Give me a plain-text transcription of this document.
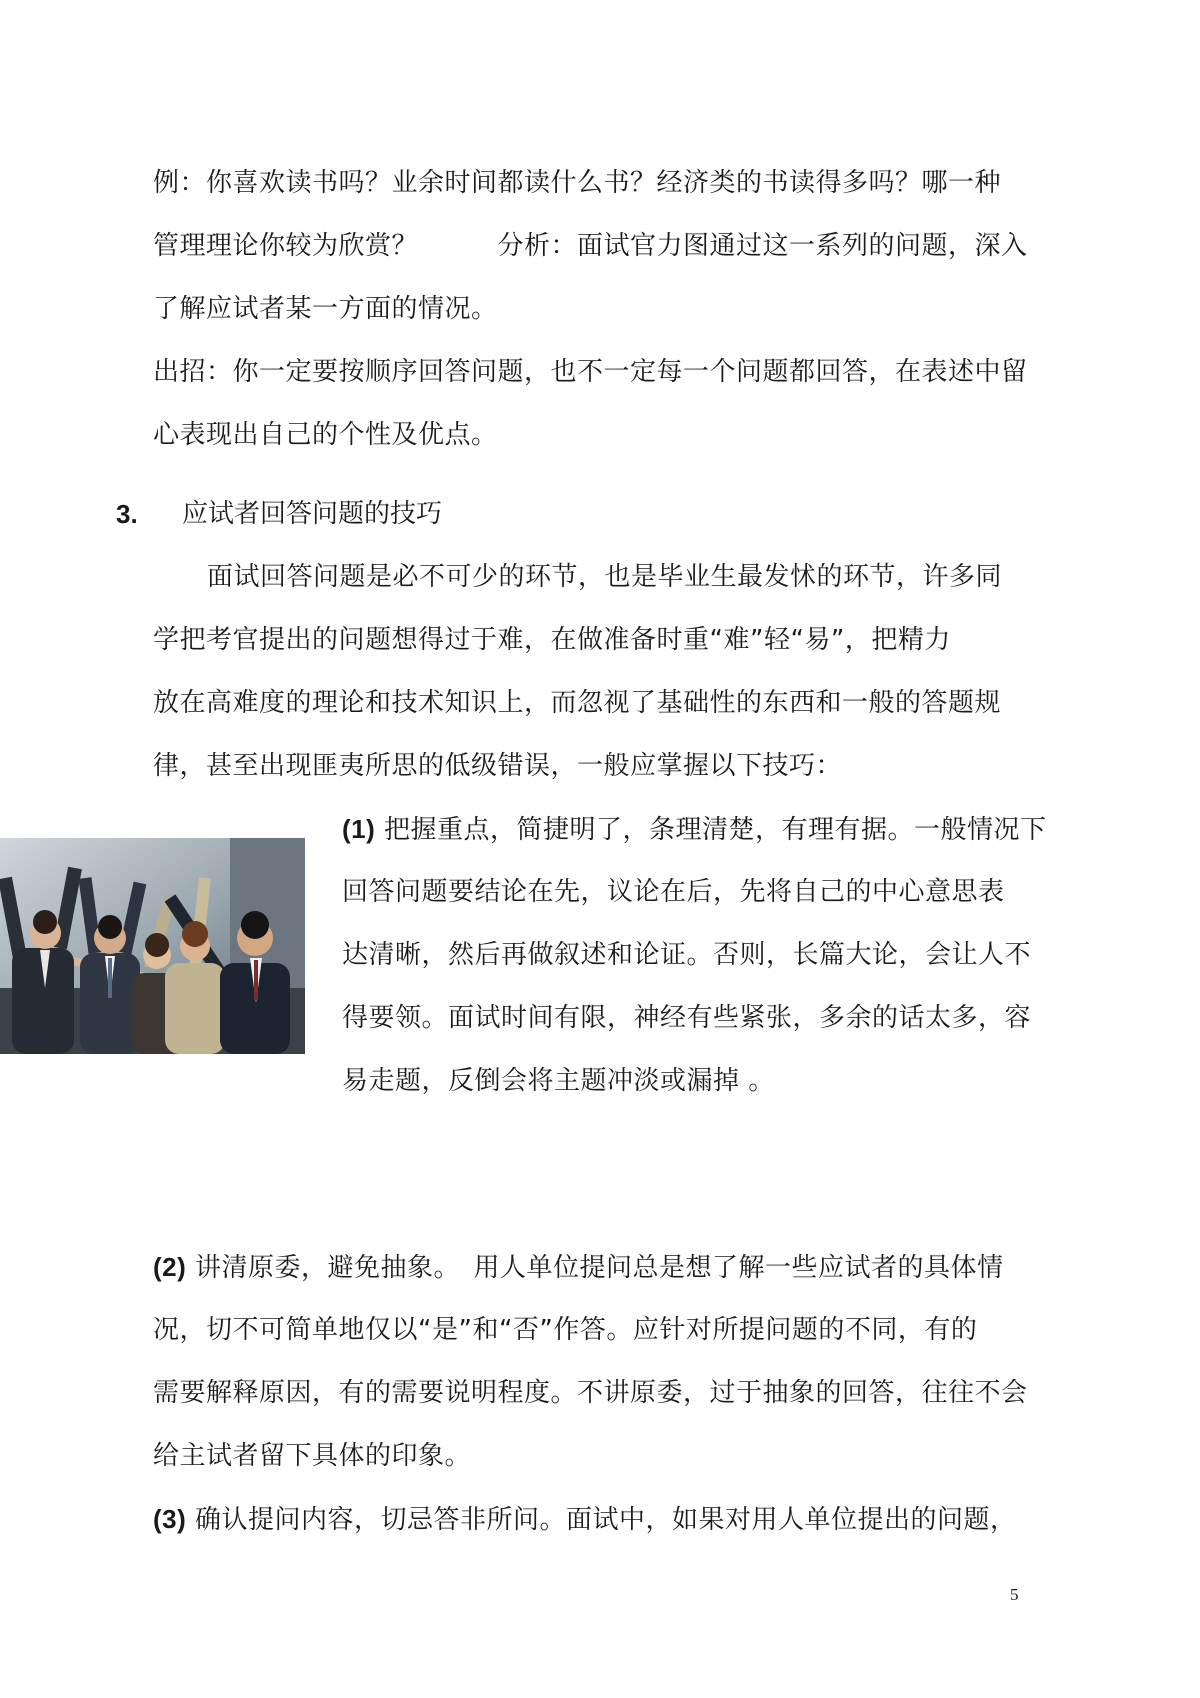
例：你喜欢读书吗？业余时间都读什么书？经济类的书读得多吗？哪一种
管理理论你较为欣赏？　　　分析：面试官力图通过这一系列的问题，深入
了解应试者某一方面的情况。
出招：你一定要按顺序回答问题，也不一定每一个问题都回答，在表述中留
心表现出自己的个性及优点。
3. 应试者回答问题的技巧
面试回答问题是必不可少的环节，也是毕业生最发怵的环节，许多同
学把考官提出的问题想得过于难，在做准备时重“难”轻“易”，把精力
放在高难度的理论和技术知识上，而忽视了基础性的东西和一般的答题规
律，甚至出现匪夷所思的低级错误，一般应掌握以下技巧：
(1) 把握重点，简捷明了，条理清楚，有理有据。一般情况下
回答问题要结论在先，议论在后，先将自己的中心意思表
达清晰，然后再做叙述和论证。否则，长篇大论，会让人不
得要领。面试时间有限，神经有些紧张，多余的话太多，容
易走题，反倒会将主题冲淡或漏掉 。
(2) 讲清原委，避免抽象。　用人单位提问总是想了解一些应试者的具体情
况，切不可简单地仅以“是”和“否”作答。应针对所提问题的不同，有的
需要解释原因，有的需要说明程度。不讲原委，过于抽象的回答，往往不会
给主试者留下具体的印象。
(3) 确认提问内容，切忌答非所问。面试中，如果对用人单位提出的问题，
5
